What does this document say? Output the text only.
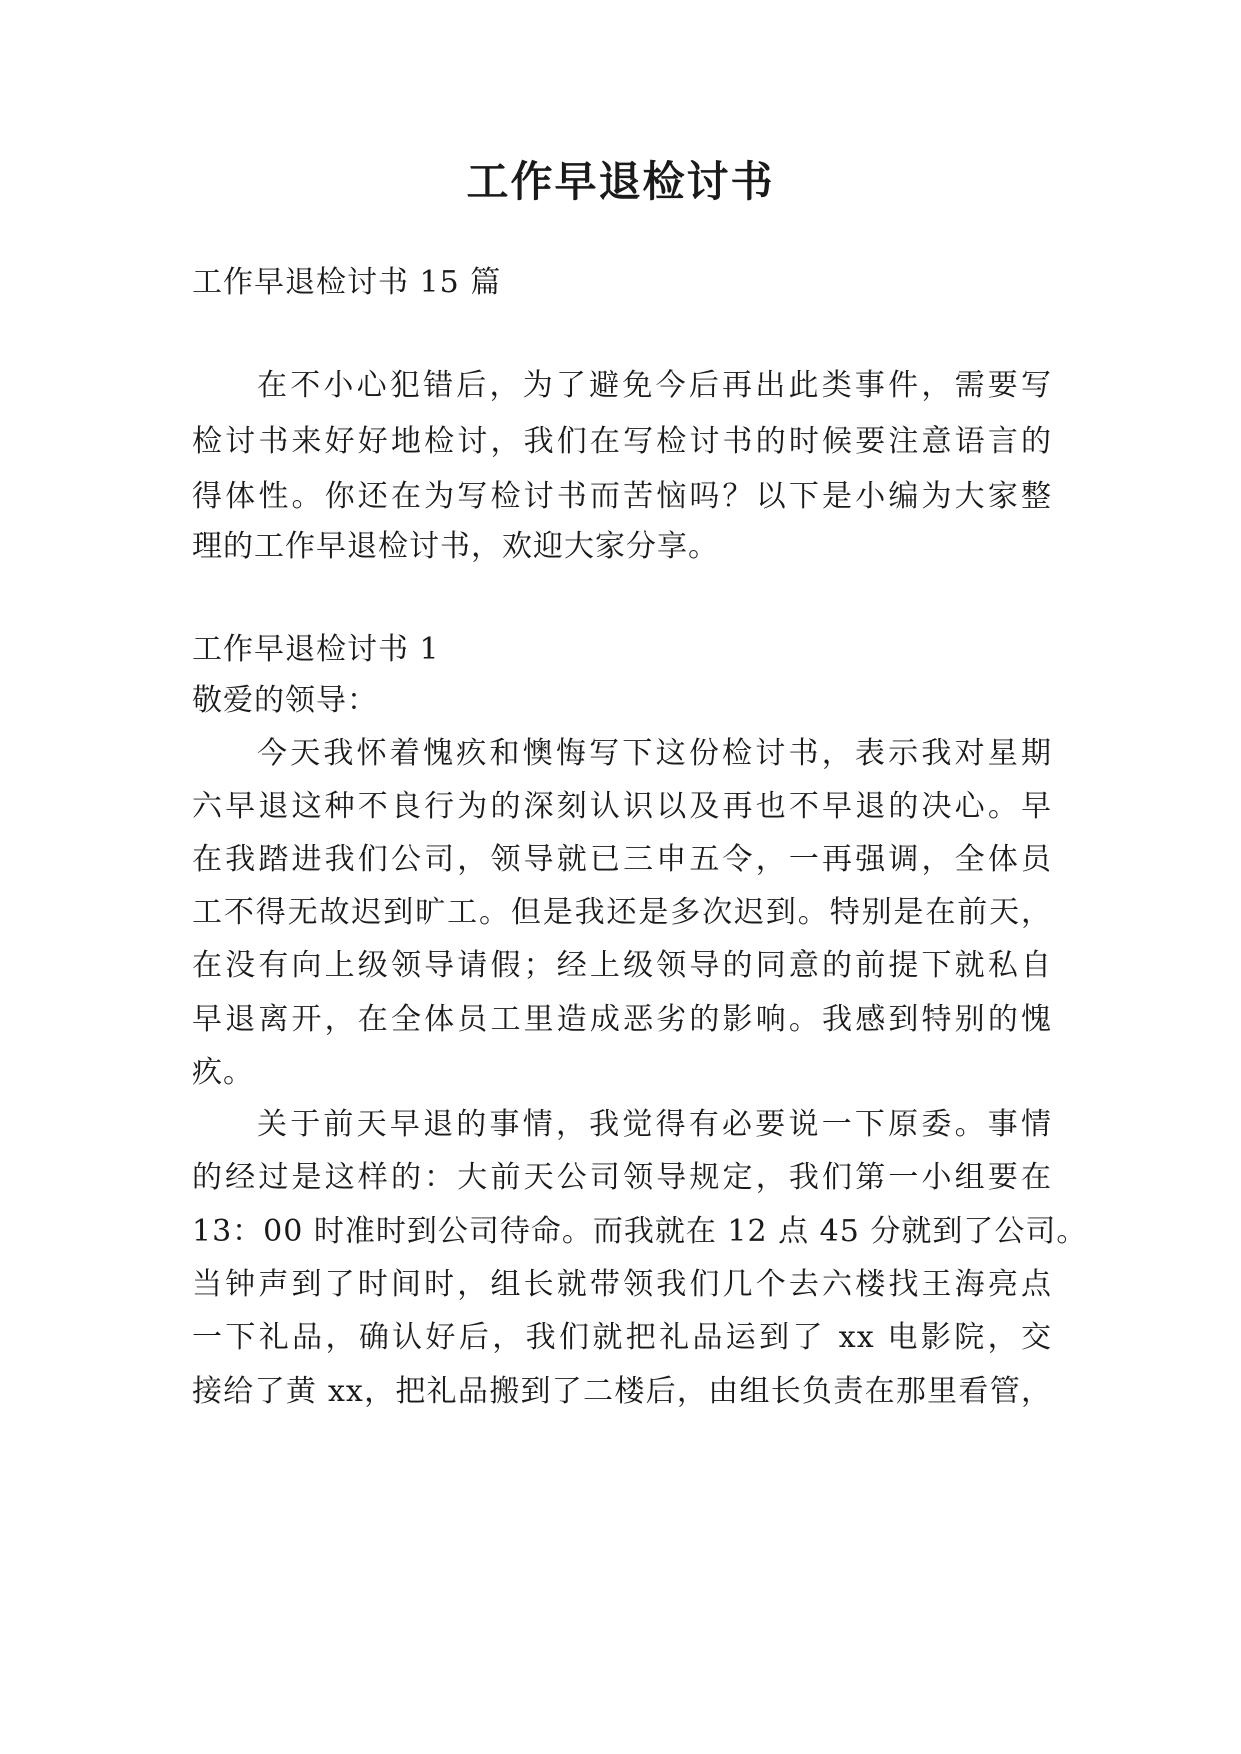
工作早退检讨书
工作早退检讨书 15 篇
在不小心犯错后，为了避免今后再出此类事件，需要写
检讨书来好好地检讨，我们在写检讨书的时候要注意语言的
得体性。你还在为写检讨书而苦恼吗？以下是小编为大家整
理的工作早退检讨书，欢迎大家分享。
工作早退检讨书 1
敬爱的领导：
今天我怀着愧疚和懊悔写下这份检讨书，表示我对星期
六早退这种不良行为的深刻认识以及再也不早退的决心。早
在我踏进我们公司，领导就已三申五令，一再强调，全体员
工不得无故迟到旷工。但是我还是多次迟到。特别是在前天，
在没有向上级领导请假；经上级领导的同意的前提下就私自
早退离开，在全体员工里造成恶劣的影响。我感到特别的愧
疚。
关于前天早退的事情，我觉得有必要说一下原委。事情
的经过是这样的：大前天公司领导规定，我们第一小组要在
13：00 时准时到公司待命。而我就在 12 点 45 分就到了公司。
当钟声到了时间时，组长就带领我们几个去六楼找王海亮点
一下礼品，确认好后，我们就把礼品运到了 xx 电影院，交
接给了黄 xx，把礼品搬到了二楼后，由组长负责在那里看管，
